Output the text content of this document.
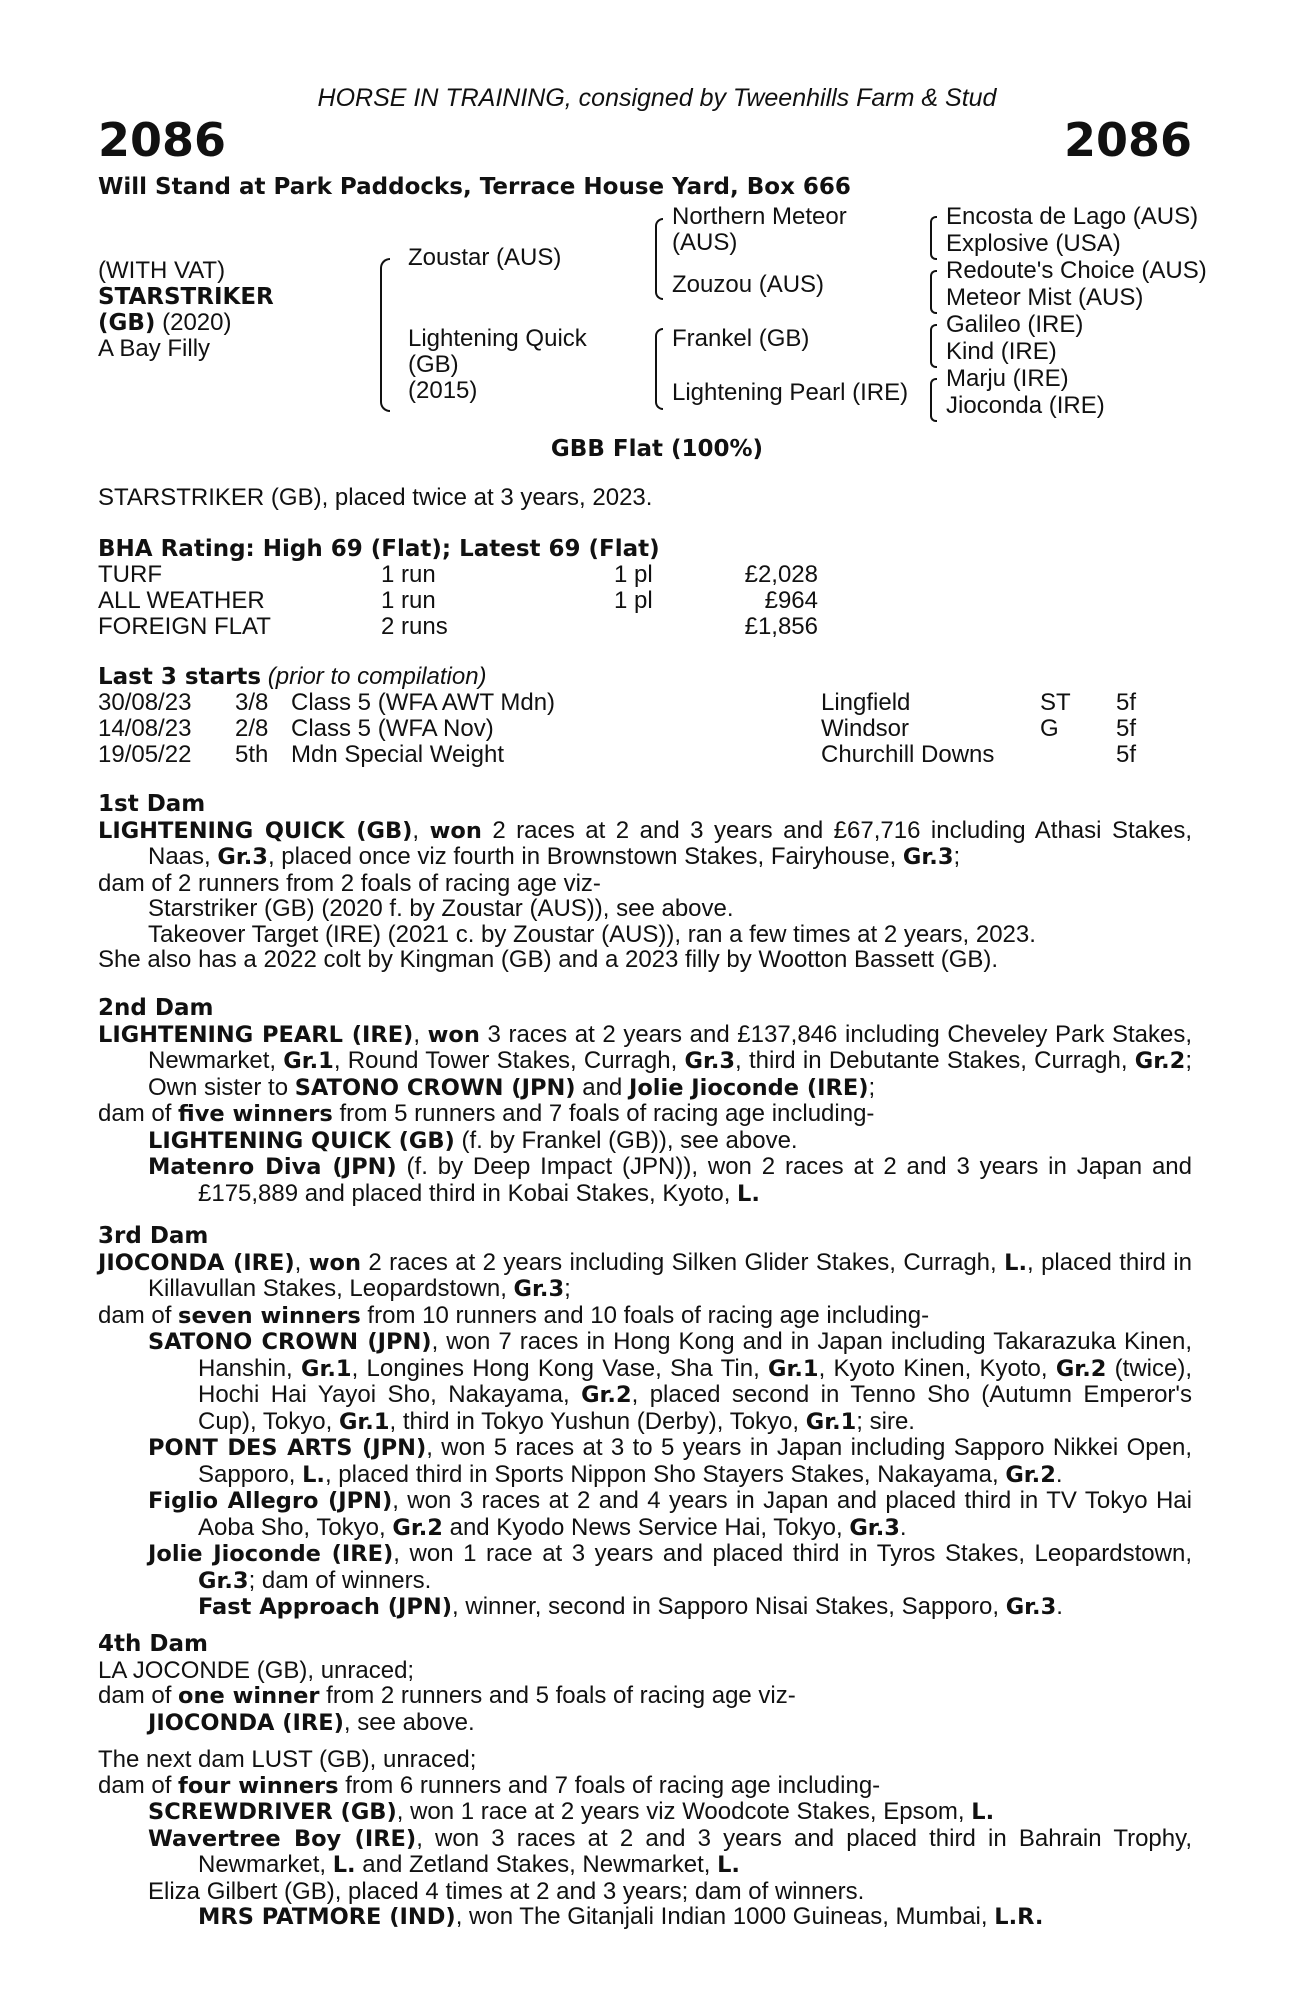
HORSE IN TRAINING, consigned by Tweenhills Farm & Stud
2086	2086
Will Stand at Park Paddocks, Terrace House Yard, Box 666
(WITH VAT)
STARSTRIKER
(GB) (2020)
A Bay Filly
Zoustar (AUS)
Lightening Quick
(GB)
(2015)
Northern Meteor
(AUS)
Zouzou (AUS)
Frankel (GB)
Lightening Pearl (IRE)
Encosta de Lago (AUS)
Explosive (USA)
Redoute's Choice (AUS)
Meteor Mist (AUS)
Galileo (IRE)
Kind (IRE)
Marju (IRE)
Jioconda (IRE)
GBB Flat (100%)
STARSTRIKER (GB), placed twice at 3 years, 2023.
BHA Rating: High 69 (Flat); Latest 69 (Flat)
TURF	1 run	1 pl	£2,028
ALL WEATHER	1 run	1 pl	£964
FOREIGN FLAT	2 runs	£1,856
Last 3 starts (prior to compilation)
30/08/23 3/8 Class 5 (WFA AWT Mdn)	Lingfield	ST 5f
14/08/23 2/8 Class 5 (WFA Nov)	Windsor	G 5f
19/05/22 5th Mdn Special Weight	Churchill Downs	5f
1st Dam
LIGHTENING QUICK (GB), won 2 races at 2 and 3 years and £67,716 including Athasi Stakes, Naas, Gr.3, placed once viz fourth in Brownstown Stakes, Fairyhouse, Gr.3;
dam of 2 runners from 2 foals of racing age viz-
Starstriker (GB) (2020 f. by Zoustar (AUS)), see above.
Takeover Target (IRE) (2021 c. by Zoustar (AUS)), ran a few times at 2 years, 2023.
She also has a 2022 colt by Kingman (GB) and a 2023 filly by Wootton Bassett (GB).
2nd Dam
LIGHTENING PEARL (IRE), won 3 races at 2 years and £137,846 including Cheveley Park Stakes, Newmarket, Gr.1, Round Tower Stakes, Curragh, Gr.3, third in Debutante Stakes, Curragh, Gr.2; Own sister to SATONO CROWN (JPN) and Jolie Jioconde (IRE);
dam of five winners from 5 runners and 7 foals of racing age including-
LIGHTENING QUICK (GB) (f. by Frankel (GB)), see above.
Matenro Diva (JPN) (f. by Deep Impact (JPN)), won 2 races at 2 and 3 years in Japan and £175,889 and placed third in Kobai Stakes, Kyoto, L.
3rd Dam
JIOCONDA (IRE), won 2 races at 2 years including Silken Glider Stakes, Curragh, L., placed third in Killavullan Stakes, Leopardstown, Gr.3;
dam of seven winners from 10 runners and 10 foals of racing age including-
SATONO CROWN (JPN), won 7 races in Hong Kong and in Japan including Takarazuka Kinen, Hanshin, Gr.1, Longines Hong Kong Vase, Sha Tin, Gr.1, Kyoto Kinen, Kyoto, Gr.2 (twice), Hochi Hai Yayoi Sho, Nakayama, Gr.2, placed second in Tenno Sho (Autumn Emperor's Cup), Tokyo, Gr.1, third in Tokyo Yushun (Derby), Tokyo, Gr.1; sire.
PONT DES ARTS (JPN), won 5 races at 3 to 5 years in Japan including Sapporo Nikkei Open, Sapporo, L., placed third in Sports Nippon Sho Stayers Stakes, Nakayama, Gr.2.
Figlio Allegro (JPN), won 3 races at 2 and 4 years in Japan and placed third in TV Tokyo Hai Aoba Sho, Tokyo, Gr.2 and Kyodo News Service Hai, Tokyo, Gr.3.
Jolie Jioconde (IRE), won 1 race at 3 years and placed third in Tyros Stakes, Leopardstown, Gr.3; dam of winners.
Fast Approach (JPN), winner, second in Sapporo Nisai Stakes, Sapporo, Gr.3.
4th Dam
LA JOCONDE (GB), unraced;
dam of one winner from 2 runners and 5 foals of racing age viz-
JIOCONDA (IRE), see above.
The next dam LUST (GB), unraced;
dam of four winners from 6 runners and 7 foals of racing age including-
SCREWDRIVER (GB), won 1 race at 2 years viz Woodcote Stakes, Epsom, L.
Wavertree Boy (IRE), won 3 races at 2 and 3 years and placed third in Bahrain Trophy, Newmarket, L. and Zetland Stakes, Newmarket, L.
Eliza Gilbert (GB), placed 4 times at 2 and 3 years; dam of winners.
MRS PATMORE (IND), won The Gitanjali Indian 1000 Guineas, Mumbai, L.R.
